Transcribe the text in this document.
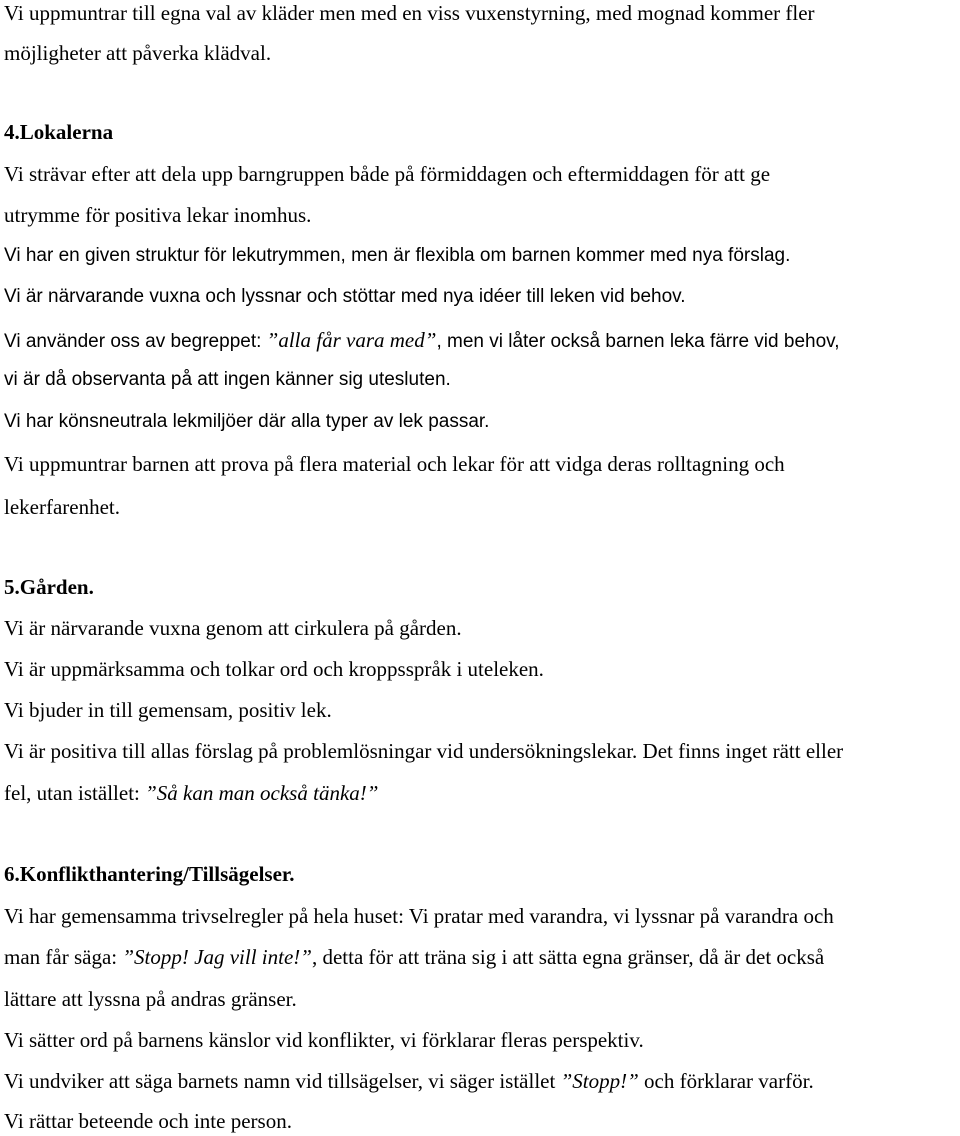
Vi uppmuntrar till egna val av kläder men med en viss vuxenstyrning, med mognad kommer fler
möjligheter att påverka klädval.
4.Lokalerna
Vi strävar efter att dela upp barngruppen både på förmiddagen och eftermiddagen för att ge
utrymme för positiva lekar inomhus.
Vi har en given struktur för lekutrymmen, men är flexibla om barnen kommer med nya förslag.
Vi är närvarande vuxna och lyssnar och stöttar med nya idéer till leken vid behov.
Vi använder oss av begreppet: ”alla får vara med”, men vi låter också barnen leka färre vid behov,
vi är då observanta på att ingen känner sig utesluten.
Vi har könsneutrala lekmiljöer där alla typer av lek passar.
Vi uppmuntrar barnen att prova på flera material och lekar för att vidga deras rolltagning och
lekerfarenhet.
5.Gården.
Vi är närvarande vuxna genom att cirkulera på gården.
Vi är uppmärksamma och tolkar ord och kroppsspråk i uteleken.
Vi bjuder in till gemensam, positiv lek.
Vi är positiva till allas förslag på problemlösningar vid undersökningslekar. Det finns inget rätt eller
fel, utan istället: ”Så kan man också tänka!”
6.Konflikthantering/Tillsägelser.
Vi har gemensamma trivselregler på hela huset: Vi pratar med varandra, vi lyssnar på varandra och
man får säga: ”Stopp! Jag vill inte!”, detta för att träna sig i att sätta egna gränser, då är det också
lättare att lyssna på andras gränser.
Vi sätter ord på barnens känslor vid konflikter, vi förklarar fleras perspektiv.
Vi undviker att säga barnets namn vid tillsägelser, vi säger istället ”Stopp!” och förklarar varför.
Vi rättar beteende och inte person.
